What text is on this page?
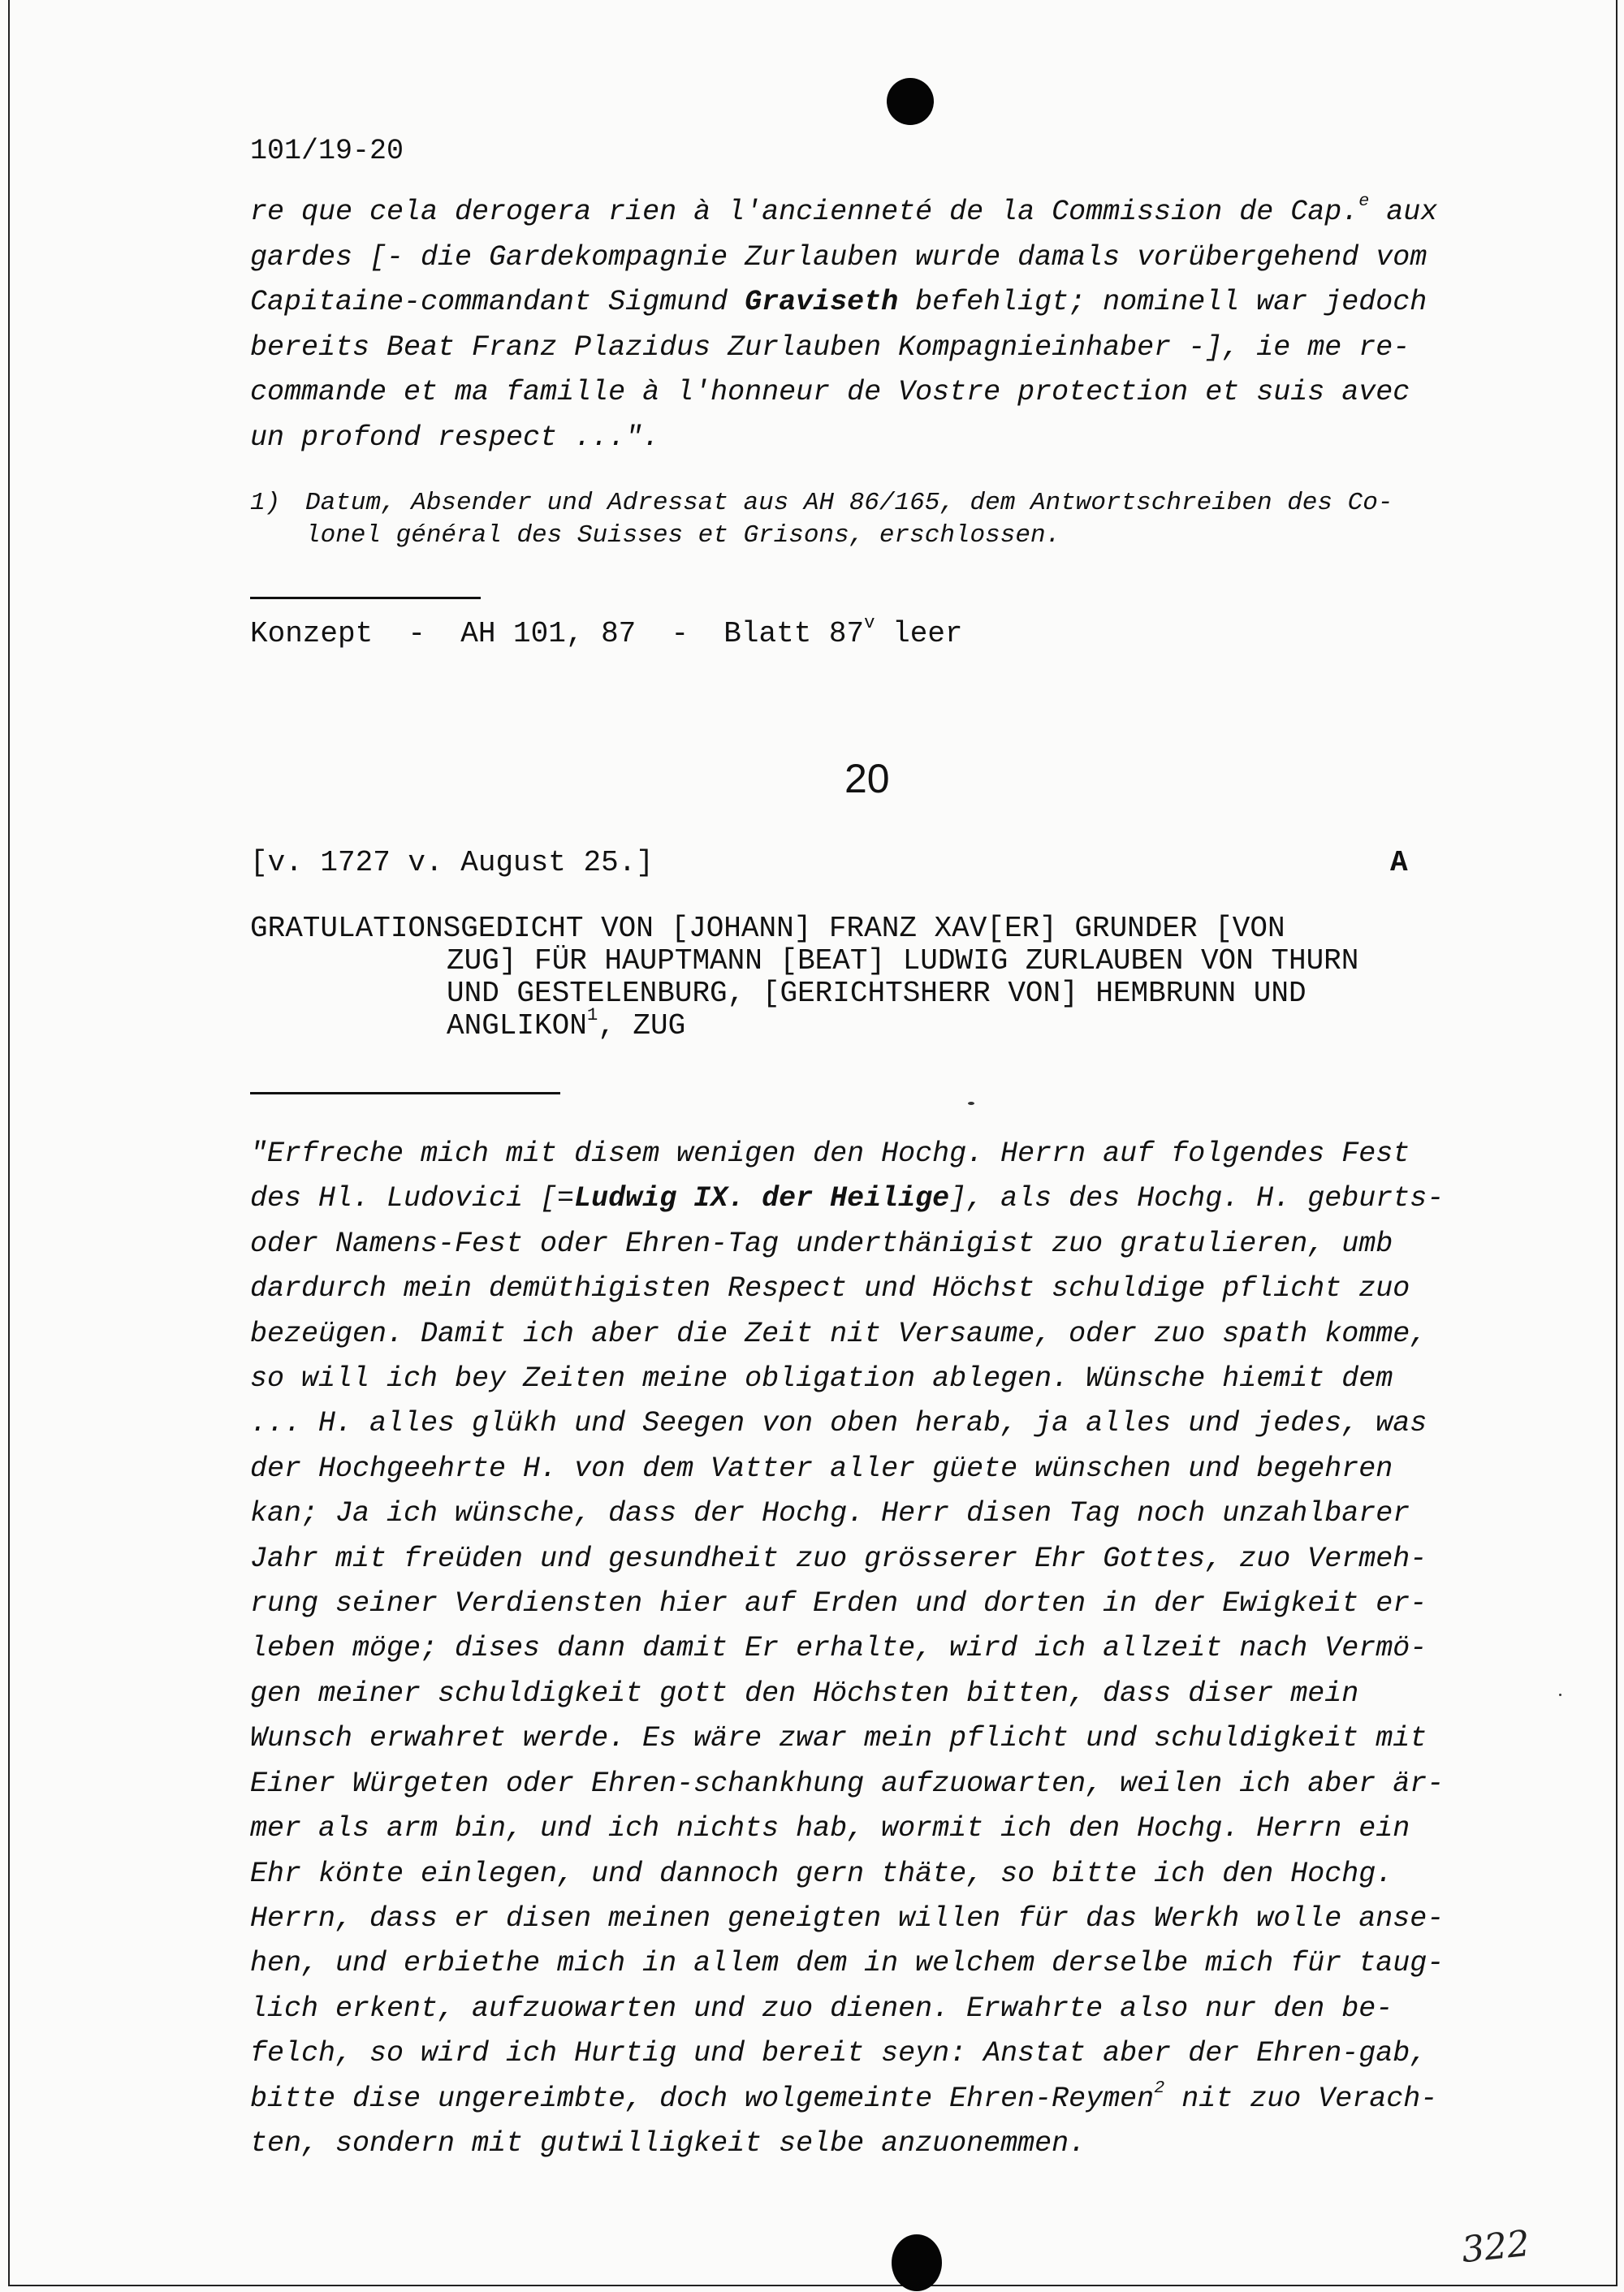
101/19-20

re que cela derogera rien à l'ancienneté de la Commission de Cap.$^e$ aux
gardes [- die Gardekompagnie Zurlauben wurde damals vorübergehend vom
Capitaine-commandant Sigmund Graviseth befehligt; nominell war jedoch
bereits Beat Franz Plazidus Zurlauben Kompagnieinhaber -], ie me re-
commande et ma famille à l'honneur de Vostre protection et suis avec
un profond respect ...".

1) Datum, Absender und Adressat aus AH 86/165, dem Antwortschreiben des Co-
lonel général des Suisses et Grisons, erschlossen.
Konzept  -  AH 101, 87  -  Blatt 87$^v$ leer
20
[v. 1727 v. August 25.]	A
GRATULATIONSGEDICHT VON [JOHANN] FRANZ XAV[ER] GRUNDER [VON

ZUG] FÜR HAUPTMANN [BEAT] LUDWIG ZURLAUBEN VON THURN
UND GESTELENBURG, [GERICHTSHERR VON] HEMBRUNN UND
ANGLIKON$^1$, ZUG

"Erfreche mich mit disem wenigen den Hochg. Herrn auf folgendes Fest
des Hl. Ludovici [=Ludwig IX. der Heilige], als des Hochg. H. geburts-
oder Namens-Fest oder Ehren-Tag underthänigist zuo gratulieren, umb
dardurch mein demüthigisten Respect und Höchst schuldige pflicht zuo
bezeügen. Damit ich aber die Zeit nit Versaume, oder zuo spath komme,
so will ich bey Zeiten meine obligation ablegen. Wünsche hiemit dem
... H. alles glükh und Seegen von oben herab, ja alles und jedes, was
der Hochgeehrte H. von dem Vatter aller güete wünschen und begehren
kan; Ja ich wünsche, dass der Hochg. Herr disen Tag noch unzahlbarer
Jahr mit freüden und gesundheit zuo grösserer Ehr Gottes, zuo Vermeh-
rung seiner Verdiensten hier auf Erden und dorten in der Ewigkeit er-
leben möge; dises dann damit Er erhalte, wird ich allzeit nach Vermö-
gen meiner schuldigkeit gott den Höchsten bitten, dass diser mein
Wunsch erwahret werde. Es wäre zwar mein pflicht und schuldigkeit mit
Einer Würgeten oder Ehren-schankhung aufzuowarten, weilen ich aber är-
mer als arm bin, und ich nichts hab, wormit ich den Hochg. Herrn ein
Ehr könte einlegen, und dannoch gern thäte, so bitte ich den Hochg.
Herrn, dass er disen meinen geneigten willen für das Werkh wolle anse-
hen, und erbiethe mich in allem dem in welchem derselbe mich für taug-
lich erkent, aufzuowarten und zuo dienen. Erwahrte also nur den be-
felch, so wird ich Hurtig und bereit seyn: Anstat aber der Ehren-gab,
bitte dise ungereimbte, doch wolgemeinte Ehren-Reymen$^2$ nit zuo Verach-
ten, sondern mit gutwilligkeit selbe anzuonemmen.

322
